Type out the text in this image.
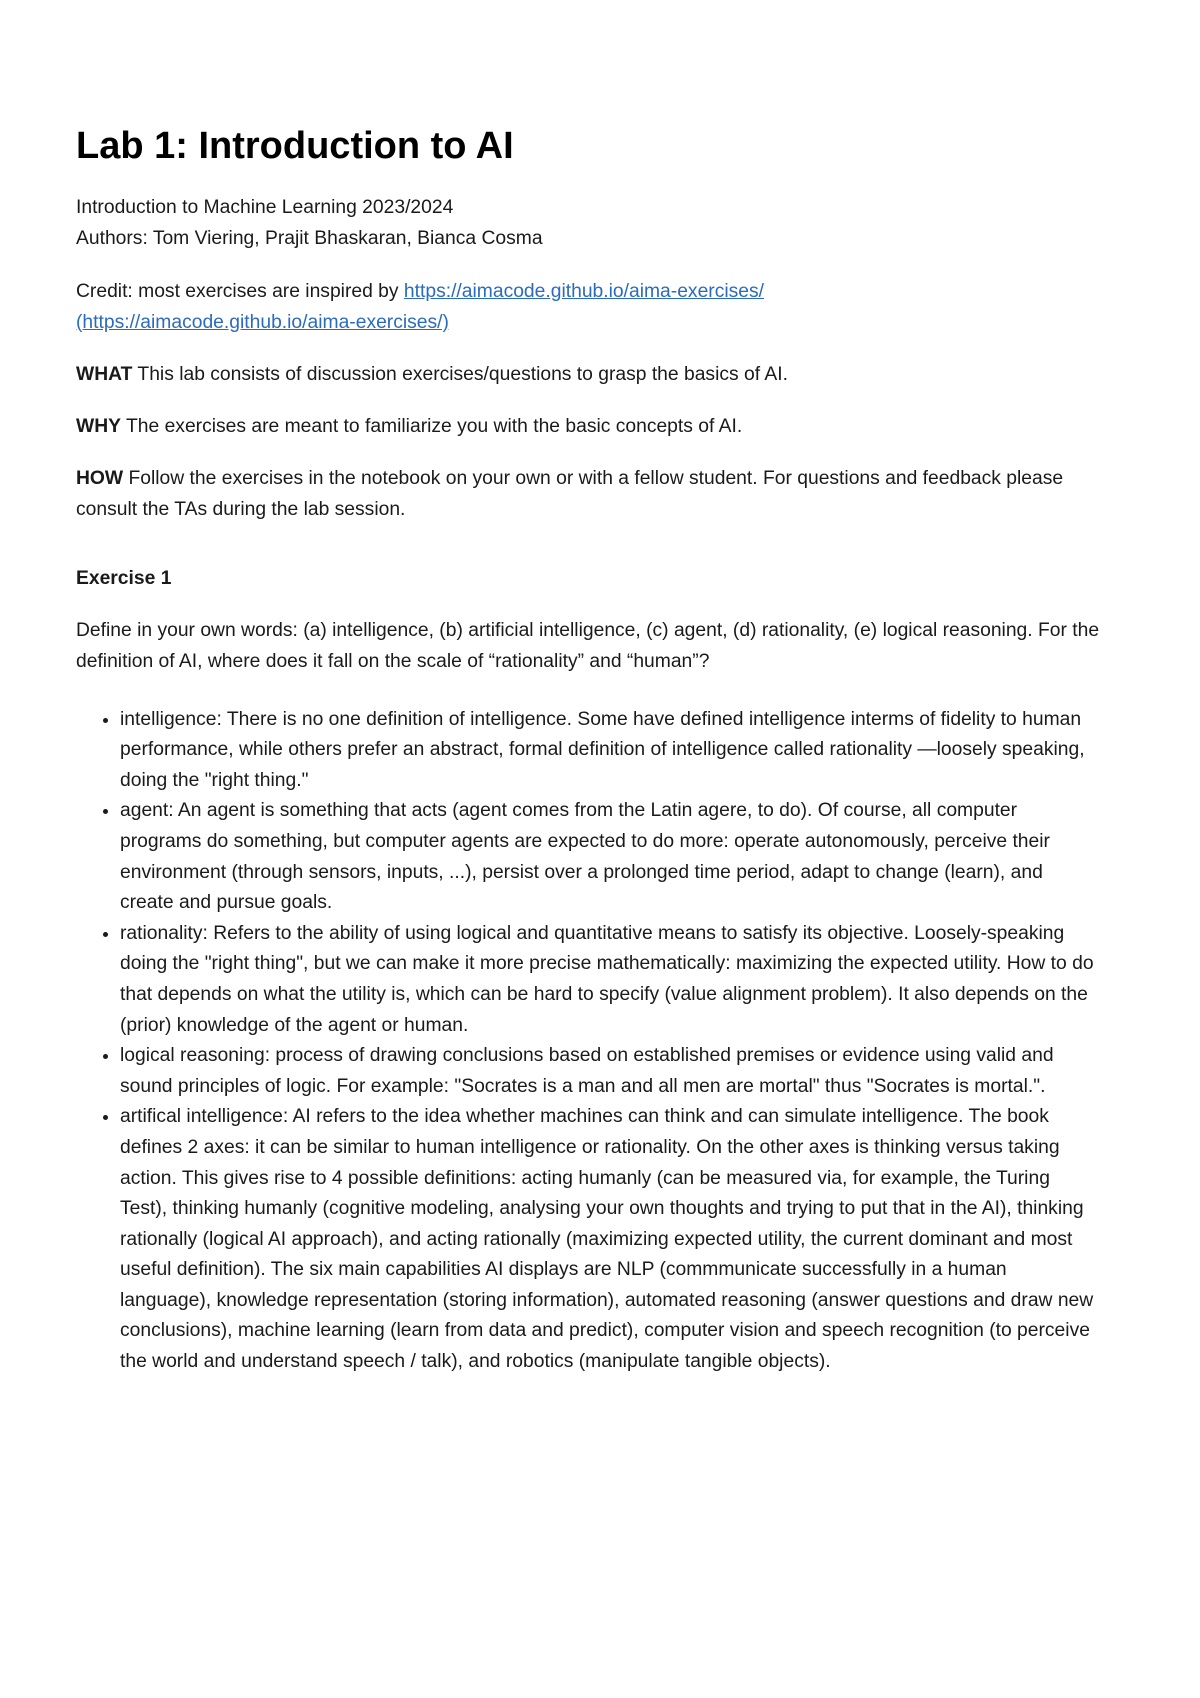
Lab 1: Introduction to AI

Introduction to Machine Learning 2023/2024

Authors: Tom Viering, Prajit Bhaskaran, Bianca Cosma

Credit: most exercises are inspired by https://aimacode.github.io/aima-exercises/
(https://aimacode.github.io/aima-exercises/)

WHAT This lab consists of discussion exercises/questions to grasp the basics of AI.

WHY The exercises are meant to familiarize you with the basic concepts of AI.

HOW Follow the exercises in the notebook on your own or with a fellow student. For questions and feedback please consult the TAs during the lab session.

Exercise 1

Define in your own words: (a) intelligence, (b) artificial intelligence, (c) agent, (d) rationality, (e) logical reasoning. For the definition of AI, where does it fall on the scale of “rationality” and “human”?

• intelligence: There is no one definition of intelligence. Some have defined intelligence interms of fidelity to human performance, while others prefer an abstract, formal definition of intelligence called rationality —loosely speaking, doing the "right thing."
• agent: An agent is something that acts (agent comes from the Latin agere, to do). Of course, all computer programs do something, but computer agents are expected to do more: operate autonomously, perceive their environment (through sensors, inputs, ...), persist over a prolonged time period, adapt to change (learn), and create and pursue goals.
• rationality: Refers to the ability of using logical and quantitative means to satisfy its objective. Loosely-speaking doing the "right thing", but we can make it more precise mathematically: maximizing the expected utility. How to do that depends on what the utility is, which can be hard to specify (value alignment problem). It also depends on the (prior) knowledge of the agent or human.
• logical reasoning: process of drawing conclusions based on established premises or evidence using valid and sound principles of logic. For example: "Socrates is a man and all men are mortal" thus "Socrates is mortal.".
• artifical intelligence: AI refers to the idea whether machines can think and can simulate intelligence. The book defines 2 axes: it can be similar to human intelligence or rationality. On the other axes is thinking versus taking action. This gives rise to 4 possible definitions: acting humanly (can be measured via, for example, the Turing Test), thinking humanly (cognitive modeling, analysing your own thoughts and trying to put that in the AI), thinking rationally (logical AI approach), and acting rationally (maximizing expected utility, the current dominant and most useful definition). The six main capabilities AI displays are NLP (commmunicate successfully in a human language), knowledge representation (storing information), automated reasoning (answer questions and draw new conclusions), machine learning (learn from data and predict), computer vision and speech recognition (to perceive the world and understand speech / talk), and robotics (manipulate tangible objects).
